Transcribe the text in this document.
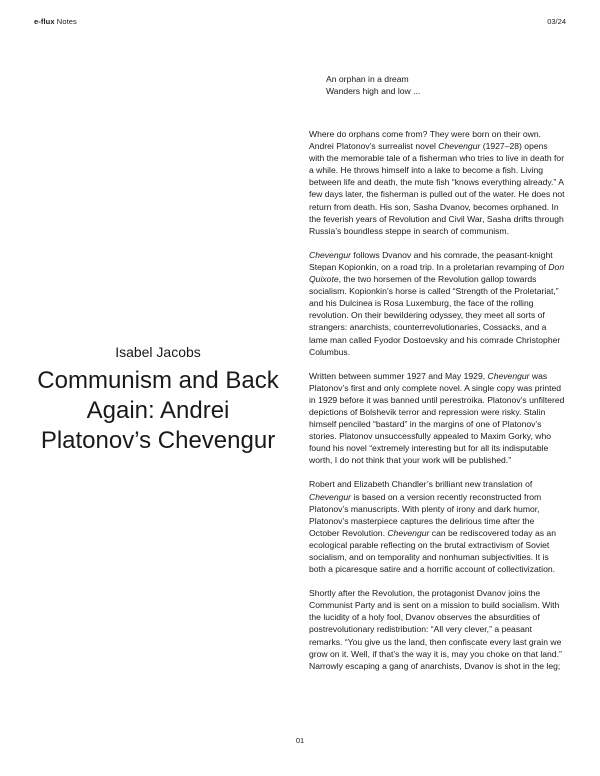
e-flux Notes	03/24
An orphan in a dream
Wanders high and low ...
Isabel Jacobs
Communism and Back Again: Andrei Platonov’s Chevengur

Where do orphans come from? They were born on their own. Andrei Platonov’s surrealist novel Chevengur (1927–28) opens with the memorable tale of a fisherman who tries to live in death for a while. He throws himself into a lake to become a fish. Living between life and death, the mute fish “knows everything already.” A few days later, the fisherman is pulled out of the water. He does not return from death. His son, Sasha Dvanov, becomes orphaned. In the feverish years of Revolution and Civil War, Sasha drifts through Russia’s boundless steppe in search of communism.

Chevengur follows Dvanov and his comrade, the peasant-knight Stepan Kopionkin, on a road trip. In a proletarian revamping of Don Quixote, the two horsemen of the Revolution gallop towards socialism. Kopionkin’s horse is called “Strength of the Proletariat,” and his Dulcinea is Rosa Luxemburg, the face of the rolling revolution. On their bewildering odyssey, they meet all sorts of strangers: anarchists, counterrevolutionaries, Cossacks, and a lame man called Fyodor Dostoevsky and his comrade Christopher Columbus.

Written between summer 1927 and May 1929, Chevengur was Platonov’s first and only complete novel. A single copy was printed in 1929 before it was banned until perestroika. Platonov’s unfiltered depictions of Bolshevik terror and repression were risky. Stalin himself penciled “bastard” in the margins of one of Platonov’s stories. Platonov unsuccessfully appealed to Maxim Gorky, who found his novel “extremely interesting but for all its indisputable worth, I do not think that your work will be published.”

Robert and Elizabeth Chandler’s brilliant new translation of Chevengur is based on a version recently reconstructed from Platonov’s manuscripts. With plenty of irony and dark humor, Platonov’s masterpiece captures the delirious time after the October Revolution. Chevengur can be rediscovered today as an ecological parable reflecting on the brutal extractivism of Soviet socialism, and on temporality and nonhuman subjectivities. It is both a picaresque satire and a horrific account of collectivization.

Shortly after the Revolution, the protagonist Dvanov joins the Communist Party and is sent on a mission to build socialism. With the lucidity of a holy fool, Dvanov observes the absurdities of postrevolutionary redistribution: “All very clever,” a peasant remarks. “You give us the land, then confiscate every last grain we grow on it. Well, if that’s the way it is, may you choke on that land.” Narrowly escaping a gang of anarchists, Dvanov is shot in the leg;

01
